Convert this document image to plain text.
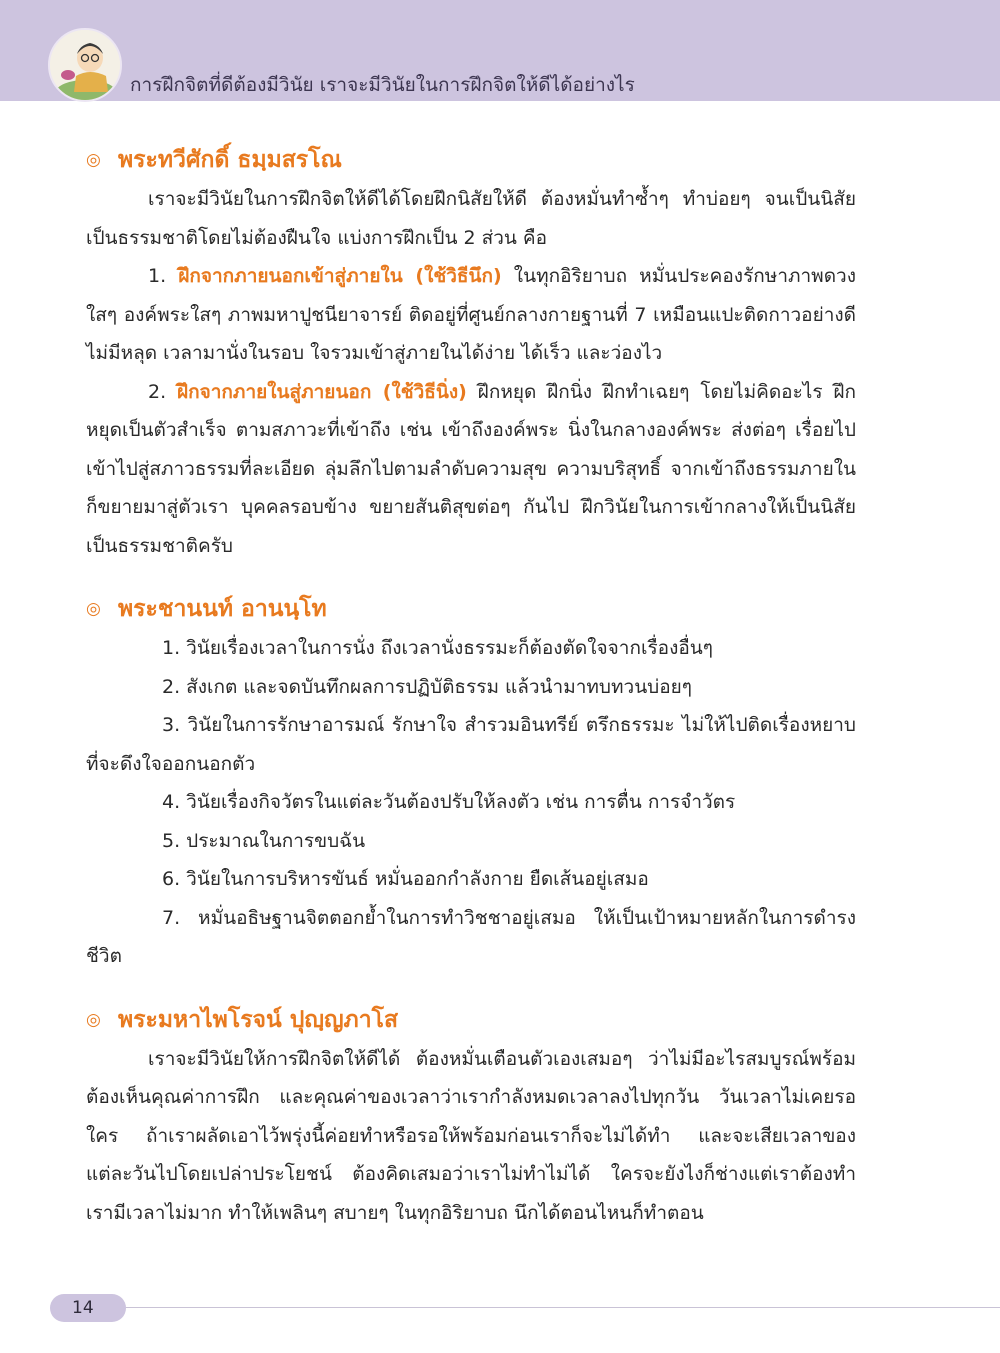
การฝึกจิตที่ดีต้องมีวินัย เราจะมีวินัยในการฝึกจิตให้ดีได้อย่างไร
◎ พระทวีศักดิ์ ธมฺมสรโณ

เราจะมีวินัยในการฝึกจิตให้ดีได้โดยฝึกนิสัยให้ดี ต้องหมั่นทำซ้ำๆ ทำบ่อยๆ จนเป็นนิสัย เป็นธรรมชาติโดยไม่ต้องฝืนใจ แบ่งการฝึกเป็น 2 ส่วน คือ

1. ฝึกจากภายนอกเข้าสู่ภายใน (ใช้วิธีนึก) ในทุกอิริยาบถ หมั่นประคองรักษาภาพดวงใสๆ องค์พระใสๆ ภาพมหาปูชนียาจารย์ ติดอยู่ที่ศูนย์กลางกายฐานที่ 7 เหมือนแปะติดกาวอย่างดีไม่มีหลุด เวลามานั่งในรอบ ใจรวมเข้าสู่ภายในได้ง่าย ได้เร็ว และว่องไว

2. ฝึกจากภายในสู่ภายนอก (ใช้วิธีนิ่ง) ฝึกหยุด ฝึกนิ่ง ฝึกทำเฉยๆ โดยไม่คิดอะไร ฝึกหยุดเป็นตัวสำเร็จ ตามสภาวะที่เข้าถึง เช่น เข้าถึงองค์พระ นิ่งในกลางองค์พระ ส่งต่อๆ เรื่อยไป เข้าไปสู่สภาวธรรมที่ละเอียด ลุ่มลึกไปตามลำดับความสุข ความบริสุทธิ์ จากเข้าถึงธรรมภายในก็ขยายมาสู่ตัวเรา บุคคลรอบข้าง ขยายสันติสุขต่อๆ กันไป ฝึกวินัยในการเข้ากลางให้เป็นนิสัย เป็นธรรมชาติครับ

◎ พระชานนท์ อานนฺโท

1. วินัยเรื่องเวลาในการนั่ง ถึงเวลานั่งธรรมะก็ต้องตัดใจจากเรื่องอื่นๆ

2. สังเกต และจดบันทึกผลการปฏิบัติธรรม แล้วนำมาทบทวนบ่อยๆ

3. วินัยในการรักษาอารมณ์ รักษาใจ สำรวมอินทรีย์ ตรึกธรรมะ ไม่ให้ไปติดเรื่องหยาบที่จะดึงใจออกนอกตัว

4. วินัยเรื่องกิจวัตรในแต่ละวันต้องปรับให้ลงตัว เช่น การตื่น การจำวัตร

5. ประมาณในการขบฉัน

6. วินัยในการบริหารขันธ์ หมั่นออกกำลังกาย ยืดเส้นอยู่เสมอ

7. หมั่นอธิษฐานจิตตอกย้ำในการทำวิชชาอยู่เสมอ ให้เป็นเป้าหมายหลักในการดำรงชีวิต

◎ พระมหาไพโรจน์ ปุญฺญภาโส

เราจะมีวินัยให้การฝึกจิตให้ดีได้ ต้องหมั่นเตือนตัวเองเสมอๆ ว่าไม่มีอะไรสมบูรณ์พร้อม ต้องเห็นคุณค่าการฝึก และคุณค่าของเวลาว่าเรากำลังหมดเวลาลงไปทุกวัน วันเวลาไม่เคยรอใคร ถ้าเราผลัดเอาไว้พรุ่งนี้ค่อยทำหรือรอให้พร้อมก่อนเราก็จะไม่ได้ทำ และจะเสียเวลาของแต่ละวันไปโดยเปล่าประโยชน์ ต้องคิดเสมอว่าเราไม่ทำไม่ได้ ใครจะยังไงก็ช่างแต่เราต้องทำ เรามีเวลาไม่มาก ทำให้เพลินๆ สบายๆ ในทุกอิริยาบถ นึกได้ตอนไหนก็ทำตอน

14
